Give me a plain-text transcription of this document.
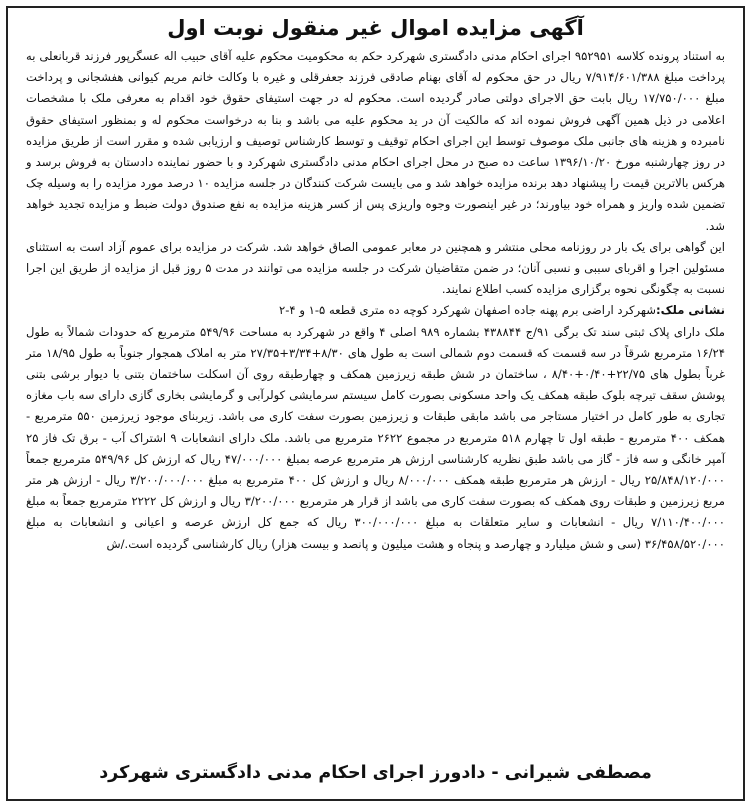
آگهی مزایده اموال غیر منقول نوبت اول

به استناد پرونده کلاسه ۹۵۲۹۵۱ اجرای احکام مدنی دادگستری شهرکرد حکم به محکومیت محکوم علیه آقای حبیب اله عسگرپور فرزند قربانعلی به پرداخت مبلغ ۷/۹۱۴/۶۰۱/۳۸۸ ریال در حق محکوم له آقای بهنام صادقی فرزند جعفرقلی و غیره با وکالت خانم مریم کیوانی هفشجانی و پرداخت مبلغ ۱۷/۷۵۰/۰۰۰ ریال بابت حق الاجرای دولتی صادر گردیده است. محکوم له در جهت استیفای حقوق خود اقدام به معرفی ملک با مشخصات اعلامی در ذیل همین آگهی فروش نموده اند که مالکیت آن در ید محکوم علیه می باشد و بنا به درخواست محکوم له و بمنظور استیفای حقوق نامبرده و هزینه های جانبی ملک موصوف توسط این اجرای احکام توقیف و توسط کارشناس توصیف و ارزیابی شده و مقرر است از طریق مزایده در روز چهارشنبه مورخ ۱۳۹۶/۱۰/۲۰ ساعت ده صبح در محل اجرای احکام مدنی دادگستری شهرکرد و با حضور نماینده دادستان به فروش برسد و هرکس بالاترین قیمت را پیشنهاد دهد برنده مزایده خواهد شد و می بایست شرکت کنندگان در جلسه مزایده ۱۰ درصد مورد مزایده را به وسیله چک تضمین شده واریز و همراه خود بیاورند؛ در غیر اینصورت وجوه واریزی پس از کسر هزینه مزایده به نفع صندوق دولت ضبط و مزایده تجدید خواهد شد.

این گواهی برای یک بار در روزنامه محلی منتشر و همچنین در معابر عمومی الصاق خواهد شد. شرکت در مزایده برای عموم آزاد است به استثنای مسئولین اجرا و اقربای سببی و نسبی آنان؛ در ضمن متقاضیان شرکت در جلسه مزایده می توانند در مدت ۵ روز قبل از مزایده از طریق این اجرا نسبت به چگونگی نحوه برگزاری مزایده کسب اطلاع نمایند.

نشانی ملک:شهرکرد اراضی برم پهنه جاده اصفهان شهرکرد کوچه ده متری قطعه ۵-۱ و ۴-۲

ملک دارای پلاک ثبتی سند تک برگی ۹۱/ج ۴۳۸۸۴۴ بشماره ۹۸۹ اصلی ۴ واقع در شهرکرد به مساحت ۵۴۹/۹۶ مترمربع که حدودات شمالاً به طول ۱۶/۲۴ مترمربع شرقاً در سه قسمت که قسمت دوم شمالی است به طول های ۸/۳۰+۳/۳۴+۲۷/۳۵ متر به املاک همجوار جنوباً به طول ۱۸/۹۵ متر غرباً بطول های ۲۲/۷۵+۰/۴۰+۸/۴۰ ، ساختمان در شش طبقه زیرزمین همکف و چهارطبقه روی آن اسکلت ساختمان بتنی با دیوار برشی بتنی پوشش سقف تیرچه بلوک طبقه همکف یک واحد مسکونی بصورت کامل سیستم سرمایشی کولرآبی و گرمایشی بخاری گازی دارای سه باب مغازه تجاری به طور کامل در اختیار مستاجر می باشد مابقی طبقات و زیرزمین بصورت سفت کاری می باشد. زیربنای موجود زیرزمین ۵۵۰ مترمربع - همکف ۴۰۰ مترمربع - طبقه اول تا چهارم ۵۱۸ مترمربع در مجموع ۲۶۲۲ مترمربع می باشد. ملک دارای انشعابات ۹ اشتراک آب - برق تک فاز ۲۵ آمپر خانگی و سه فاز - گاز می باشد طبق نظریه کارشناسی ارزش هر مترمربع عرصه بمبلغ ۴۷/۰۰۰/۰۰۰ ریال که ارزش کل ۵۴۹/۹۶ مترمربع جمعاً ۲۵/۸۴۸/۱۲۰/۰۰۰ ریال - ارزش هر مترمربع طبقه همکف ۸/۰۰۰/۰۰۰ ریال و ارزش کل ۴۰۰ مترمربع به مبلغ ۳/۲۰۰/۰۰۰/۰۰۰ ریال - ارزش هر متر مربع زیرزمین و طبقات روی همکف که بصورت سفت کاری می باشد از قرار هر مترمربع ۳/۲۰۰/۰۰۰ ریال و ارزش کل ۲۲۲۲ مترمربع جمعاً به مبلغ ۷/۱۱۰/۴۰۰/۰۰۰ ریال - انشعابات و سایر متعلقات به مبلغ ۳۰۰/۰۰۰/۰۰۰ ریال که جمع کل ارزش عرصه و اعیانی و انشعابات به مبلغ ۳۶/۴۵۸/۵۲۰/۰۰۰ (سی و شش میلیارد و چهارصد و پنجاه و هشت میلیون و پانصد و بیست هزار) ریال کارشناسی گردیده است./ش

مصطفی شیرانی - دادورز اجرای احکام مدنی دادگستری شهرکرد
